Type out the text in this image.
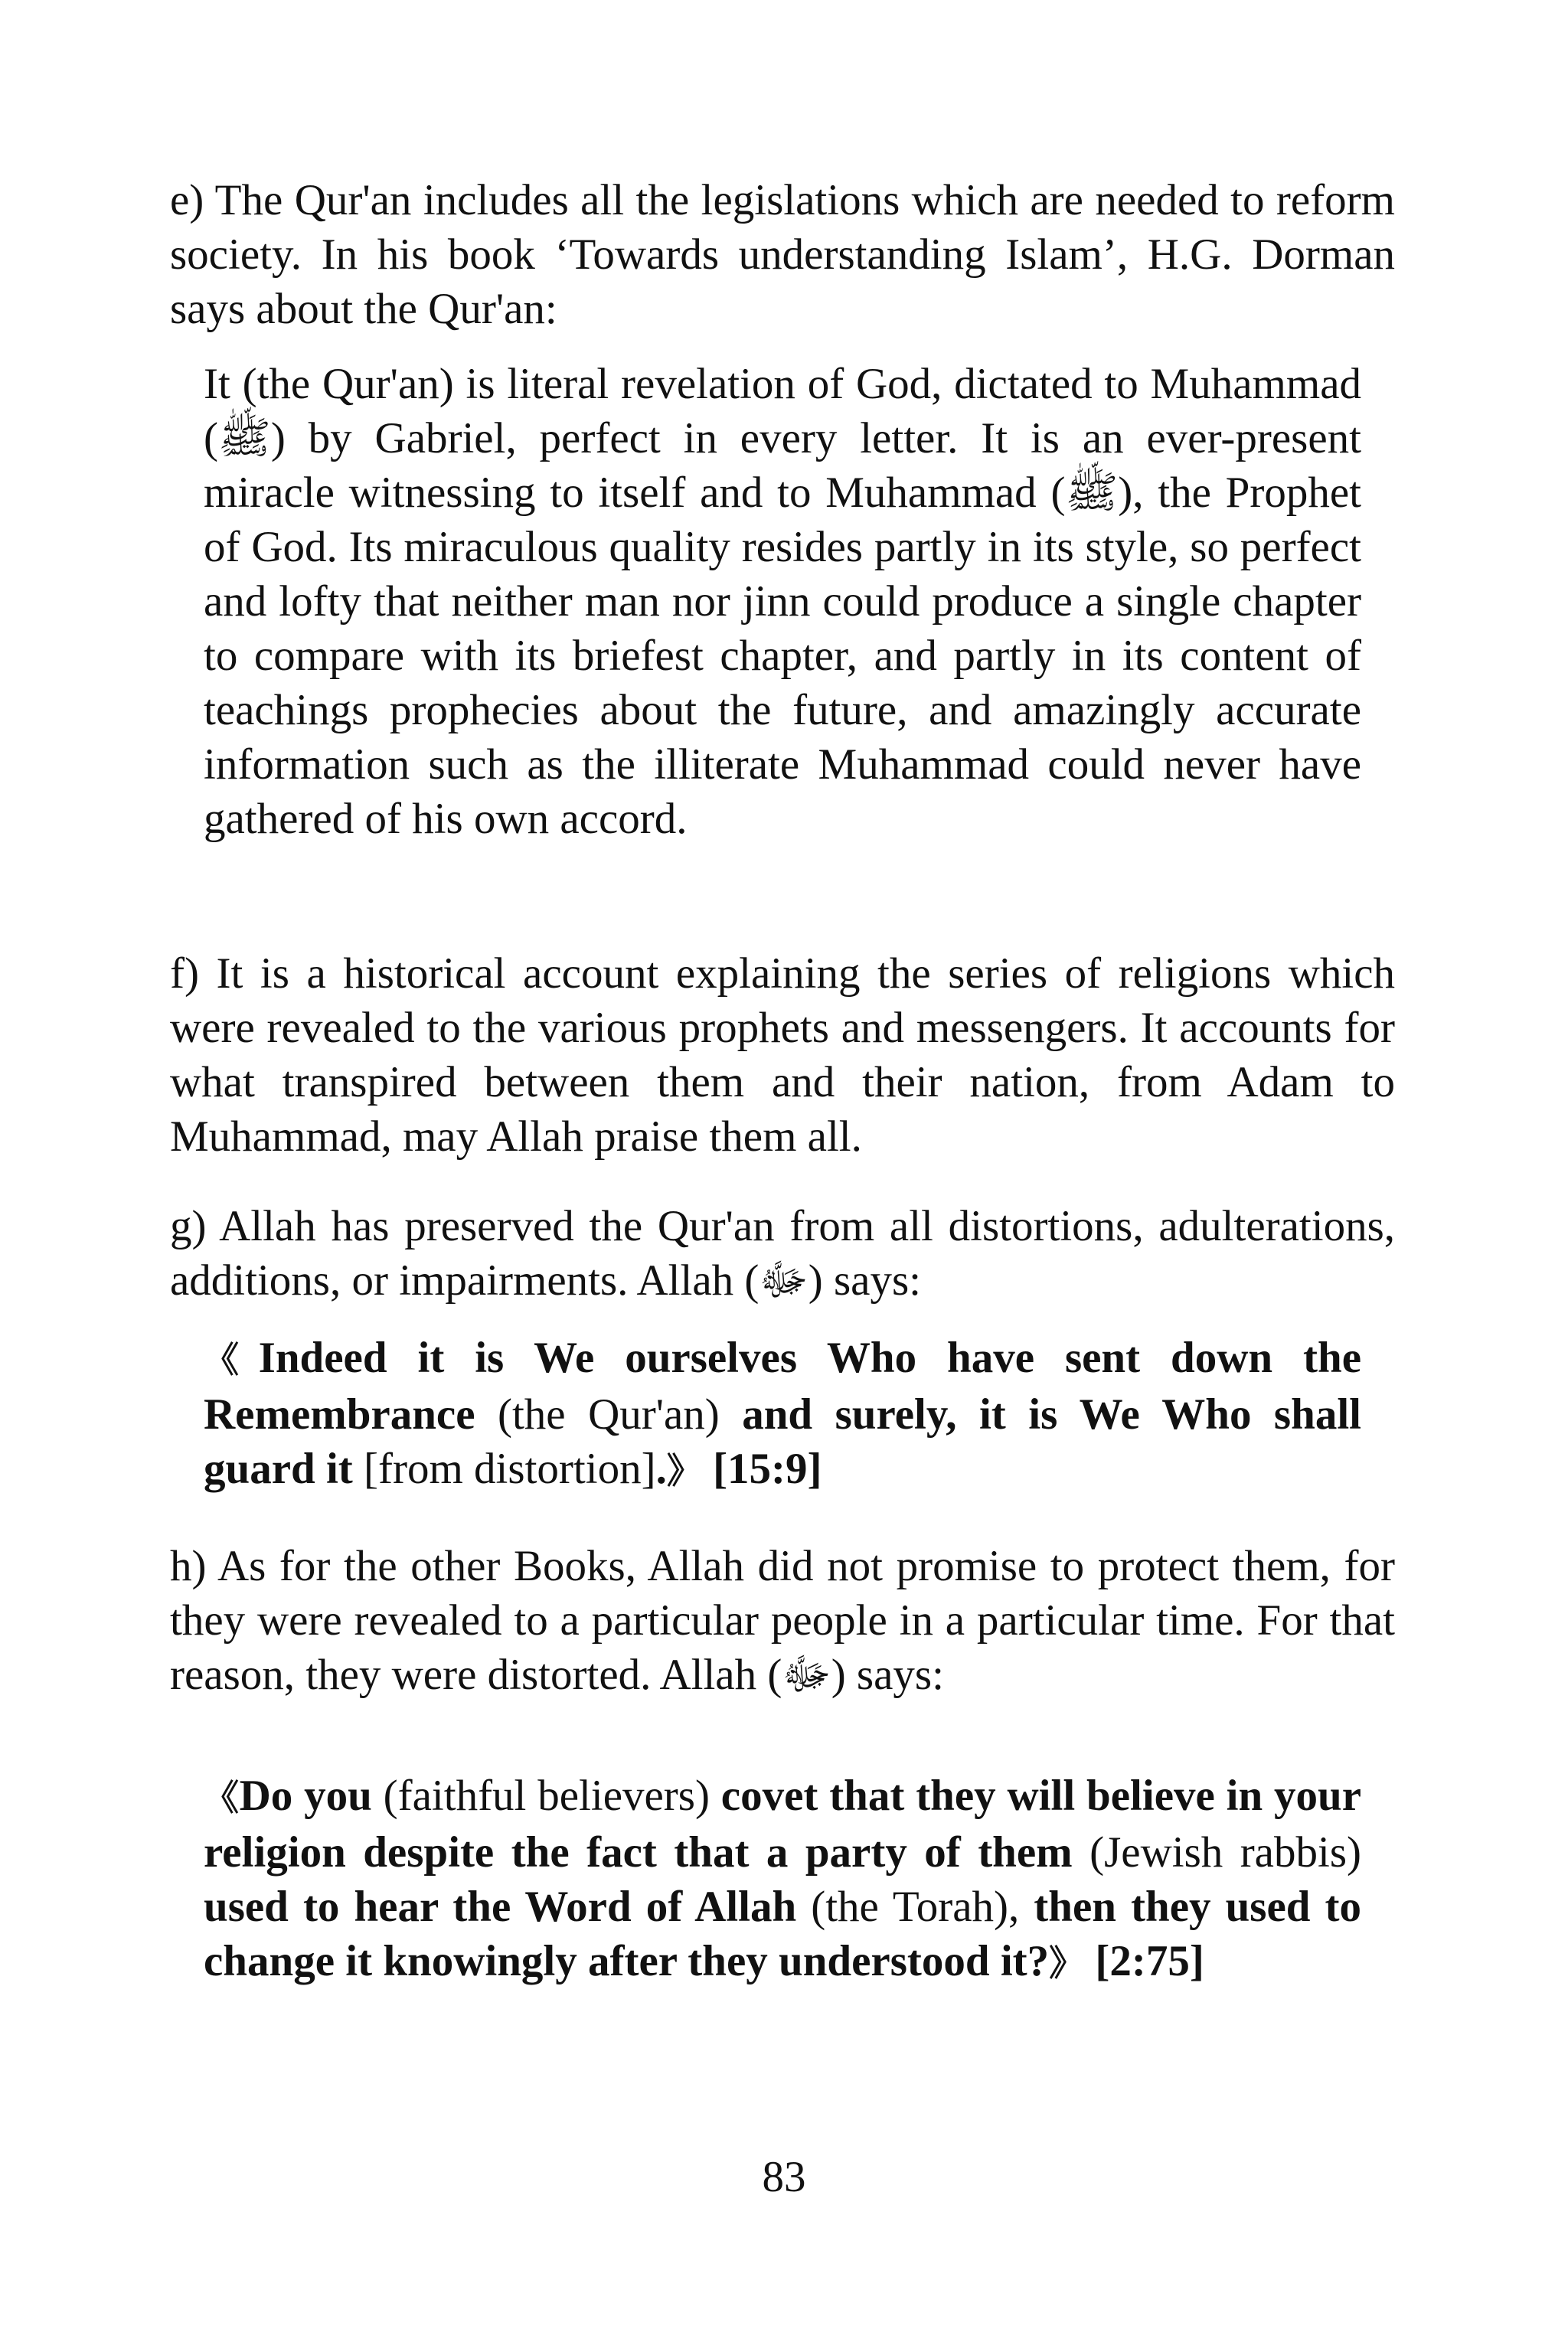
e) The Qur'an includes all the legislations which are needed to reform society. In his book ‘Towards understanding Islam’, H.G. Dorman says about the Qur'an:

It (the Qur'an) is literal revelation of God, dictated to Muhammad (ﷺ) by Gabriel, perfect in every letter. It is an ever-present miracle witnessing to itself and to Muhammad (ﷺ), the Prophet of God. Its miraculous quality resides partly in its style, so perfect and lofty that neither man nor jinn could produce a single chapter to compare with its briefest chapter, and partly in its content of teachings prophecies about the future, and amazingly accurate information such as the illiterate Muhammad could never have gathered of his own accord.

f) It is a historical account explaining the series of religions which were revealed to the various prophets and messengers. It accounts for what transpired between them and their nation, from Adam to Muhammad, may Allah praise them all.

g) Allah has preserved the Qur'an from all distortions, adulterations, additions, or impairments. Allah (ﷻ) says:

《Indeed it is We ourselves Who have sent down the Remembrance (the Qur'an) and surely, it is We Who shall guard it [from distortion].》 [15:9]

h) As for the other Books, Allah did not promise to protect them, for they were revealed to a particular people in a particular time. For that reason, they were distorted. Allah (ﷻ) says:

《Do you (faithful believers) covet that they will believe in your religion despite the fact that a party of them (Jewish rabbis) used to hear the Word of Allah (the Torah), then they used to change it knowingly after they understood it?》 [2:75]

83
